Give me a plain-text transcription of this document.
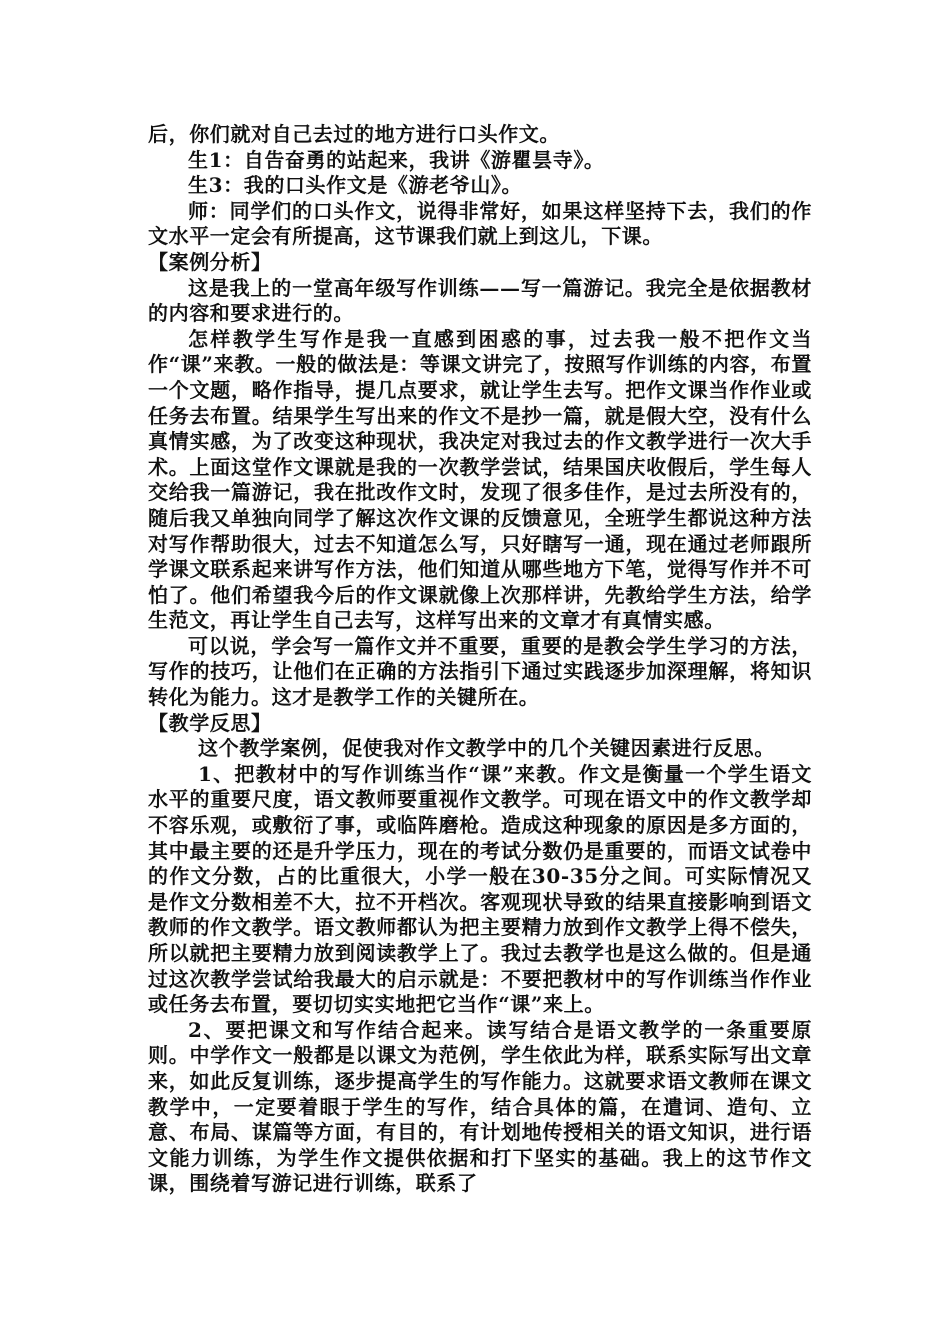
后，你们就对自己去过的地方进行口头作文。

生1：自告奋勇的站起来，我讲《游瞿昙寺》。

生3：我的口头作文是《游老爷山》。

师：同学们的口头作文，说得非常好，如果这样坚持下去，我们的作文水平一定会有所提高，这节课我们就上到这儿，下课。

【案例分析】

这是我上的一堂高年级写作训练——写一篇游记。我完全是依据教材的内容和要求进行的。

怎样教学生写作是我一直感到困惑的事，过去我一般不把作文当作“课”来教。一般的做法是：等课文讲完了，按照写作训练的内容，布置一个文题，略作指导，提几点要求，就让学生去写。把作文课当作作业或任务去布置。结果学生写出来的作文不是抄一篇，就是假大空，没有什么真情实感，为了改变这种现状，我决定对我过去的作文教学进行一次大手术。上面这堂作文课就是我的一次教学尝试，结果国庆收假后，学生每人交给我一篇游记，我在批改作文时，发现了很多佳作，是过去所没有的，随后我又单独向同学了解这次作文课的反馈意见，全班学生都说这种方法对写作帮助很大，过去不知道怎么写，只好瞎写一通，现在通过老师跟所学课文联系起来讲写作方法，他们知道从哪些地方下笔，觉得写作并不可怕了。他们希望我今后的作文课就像上次那样讲，先教给学生方法，给学生范文，再让学生自己去写，这样写出来的文章才有真情实感。

可以说，学会写一篇作文并不重要，重要的是教会学生学习的方法，写作的技巧，让他们在正确的方法指引下通过实践逐步加深理解，将知识转化为能力。这才是教学工作的关键所在。

【教学反思】

这个教学案例，促使我对作文教学中的几个关键因素进行反思。

1、把教材中的写作训练当作“课”来教。作文是衡量一个学生语文水平的重要尺度，语文教师要重视作文教学。可现在语文中的作文教学却不容乐观，或敷衍了事，或临阵磨枪。造成这种现象的原因是多方面的，其中最主要的还是升学压力，现在的考试分数仍是重要的，而语文试卷中的作文分数，占的比重很大，小学一般在30-35分之间。可实际情况又是作文分数相差不大，拉不开档次。客观现状导致的结果直接影响到语文教师的作文教学。语文教师都认为把主要精力放到作文教学上得不偿失，所以就把主要精力放到阅读教学上了。我过去教学也是这么做的。但是通过这次教学尝试给我最大的启示就是：不要把教材中的写作训练当作作业或任务去布置，要切切实实地把它当作“课”来上。

2、要把课文和写作结合起来。读写结合是语文教学的一条重要原则。中学作文一般都是以课文为范例，学生依此为样，联系实际写出文章来，如此反复训练，逐步提高学生的写作能力。这就要求语文教师在课文教学中，一定要着眼于学生的写作，结合具体的篇，在遣词、造句、立意、布局、谋篇等方面，有目的，有计划地传授相关的语文知识，进行语文能力训练，为学生作文提供依据和打下坚实的基础。我上的这节作文课，围绕着写游记进行训练，联系了
